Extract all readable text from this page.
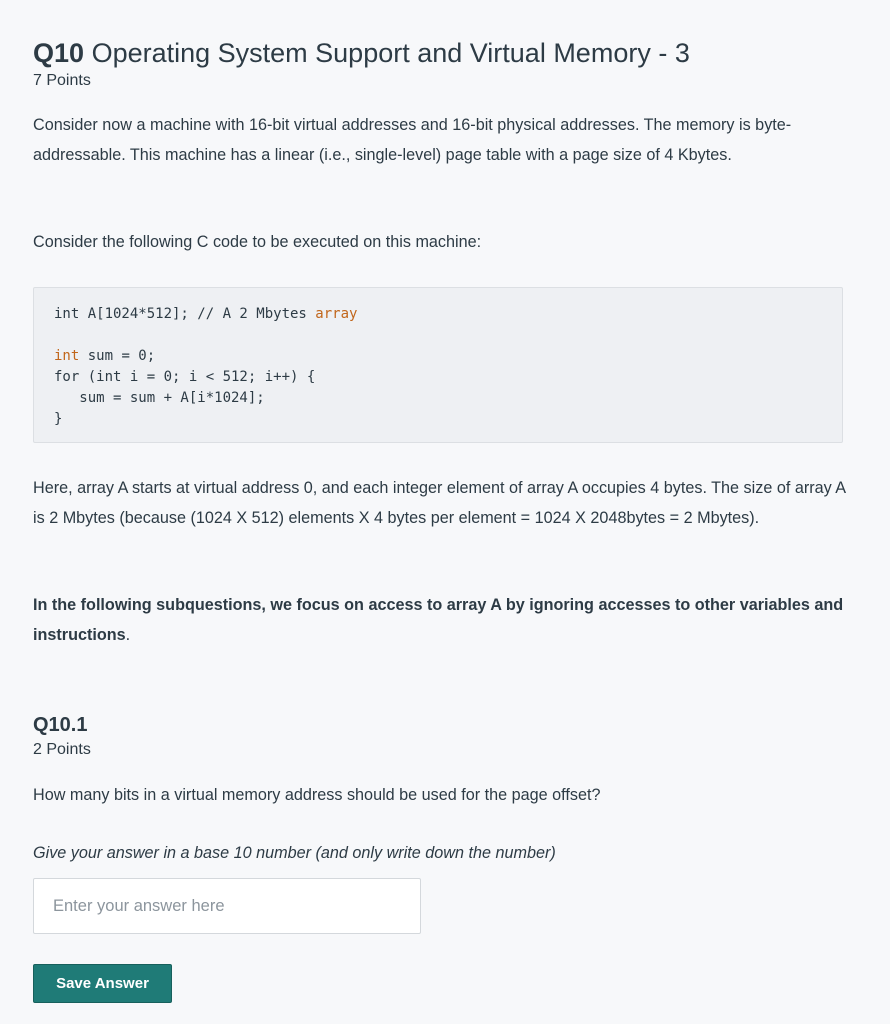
Q10 Operating System Support and Virtual Memory - 3
7 Points

Consider now a machine with 16-bit virtual addresses and 16-bit physical addresses. The memory is byte-addressable. This machine has a linear (i.e., single-level) page table with a page size of 4 Kbytes.

Consider the following C code to be executed on this machine:

int A[1024*512]; // A 2 Mbytes array
int sum = 0;
for (int i = 0; i < 512; i++) {
sum = sum + A[i*1024];
}

Here, array A starts at virtual address 0, and each integer element of array A occupies 4 bytes. The size of array A is 2 Mbytes (because (1024 X 512) elements X 4 bytes per element = 1024 X 2048bytes = 2 Mbytes).

In the following subquestions, we focus on access to array A by ignoring accesses to other variables and instructions.

Q10.1
2 Points
How many bits in a virtual memory address should be used for the page offset?
Give your answer in a base 10 number (and only write down the number)
Enter your answer here
Save Answer
